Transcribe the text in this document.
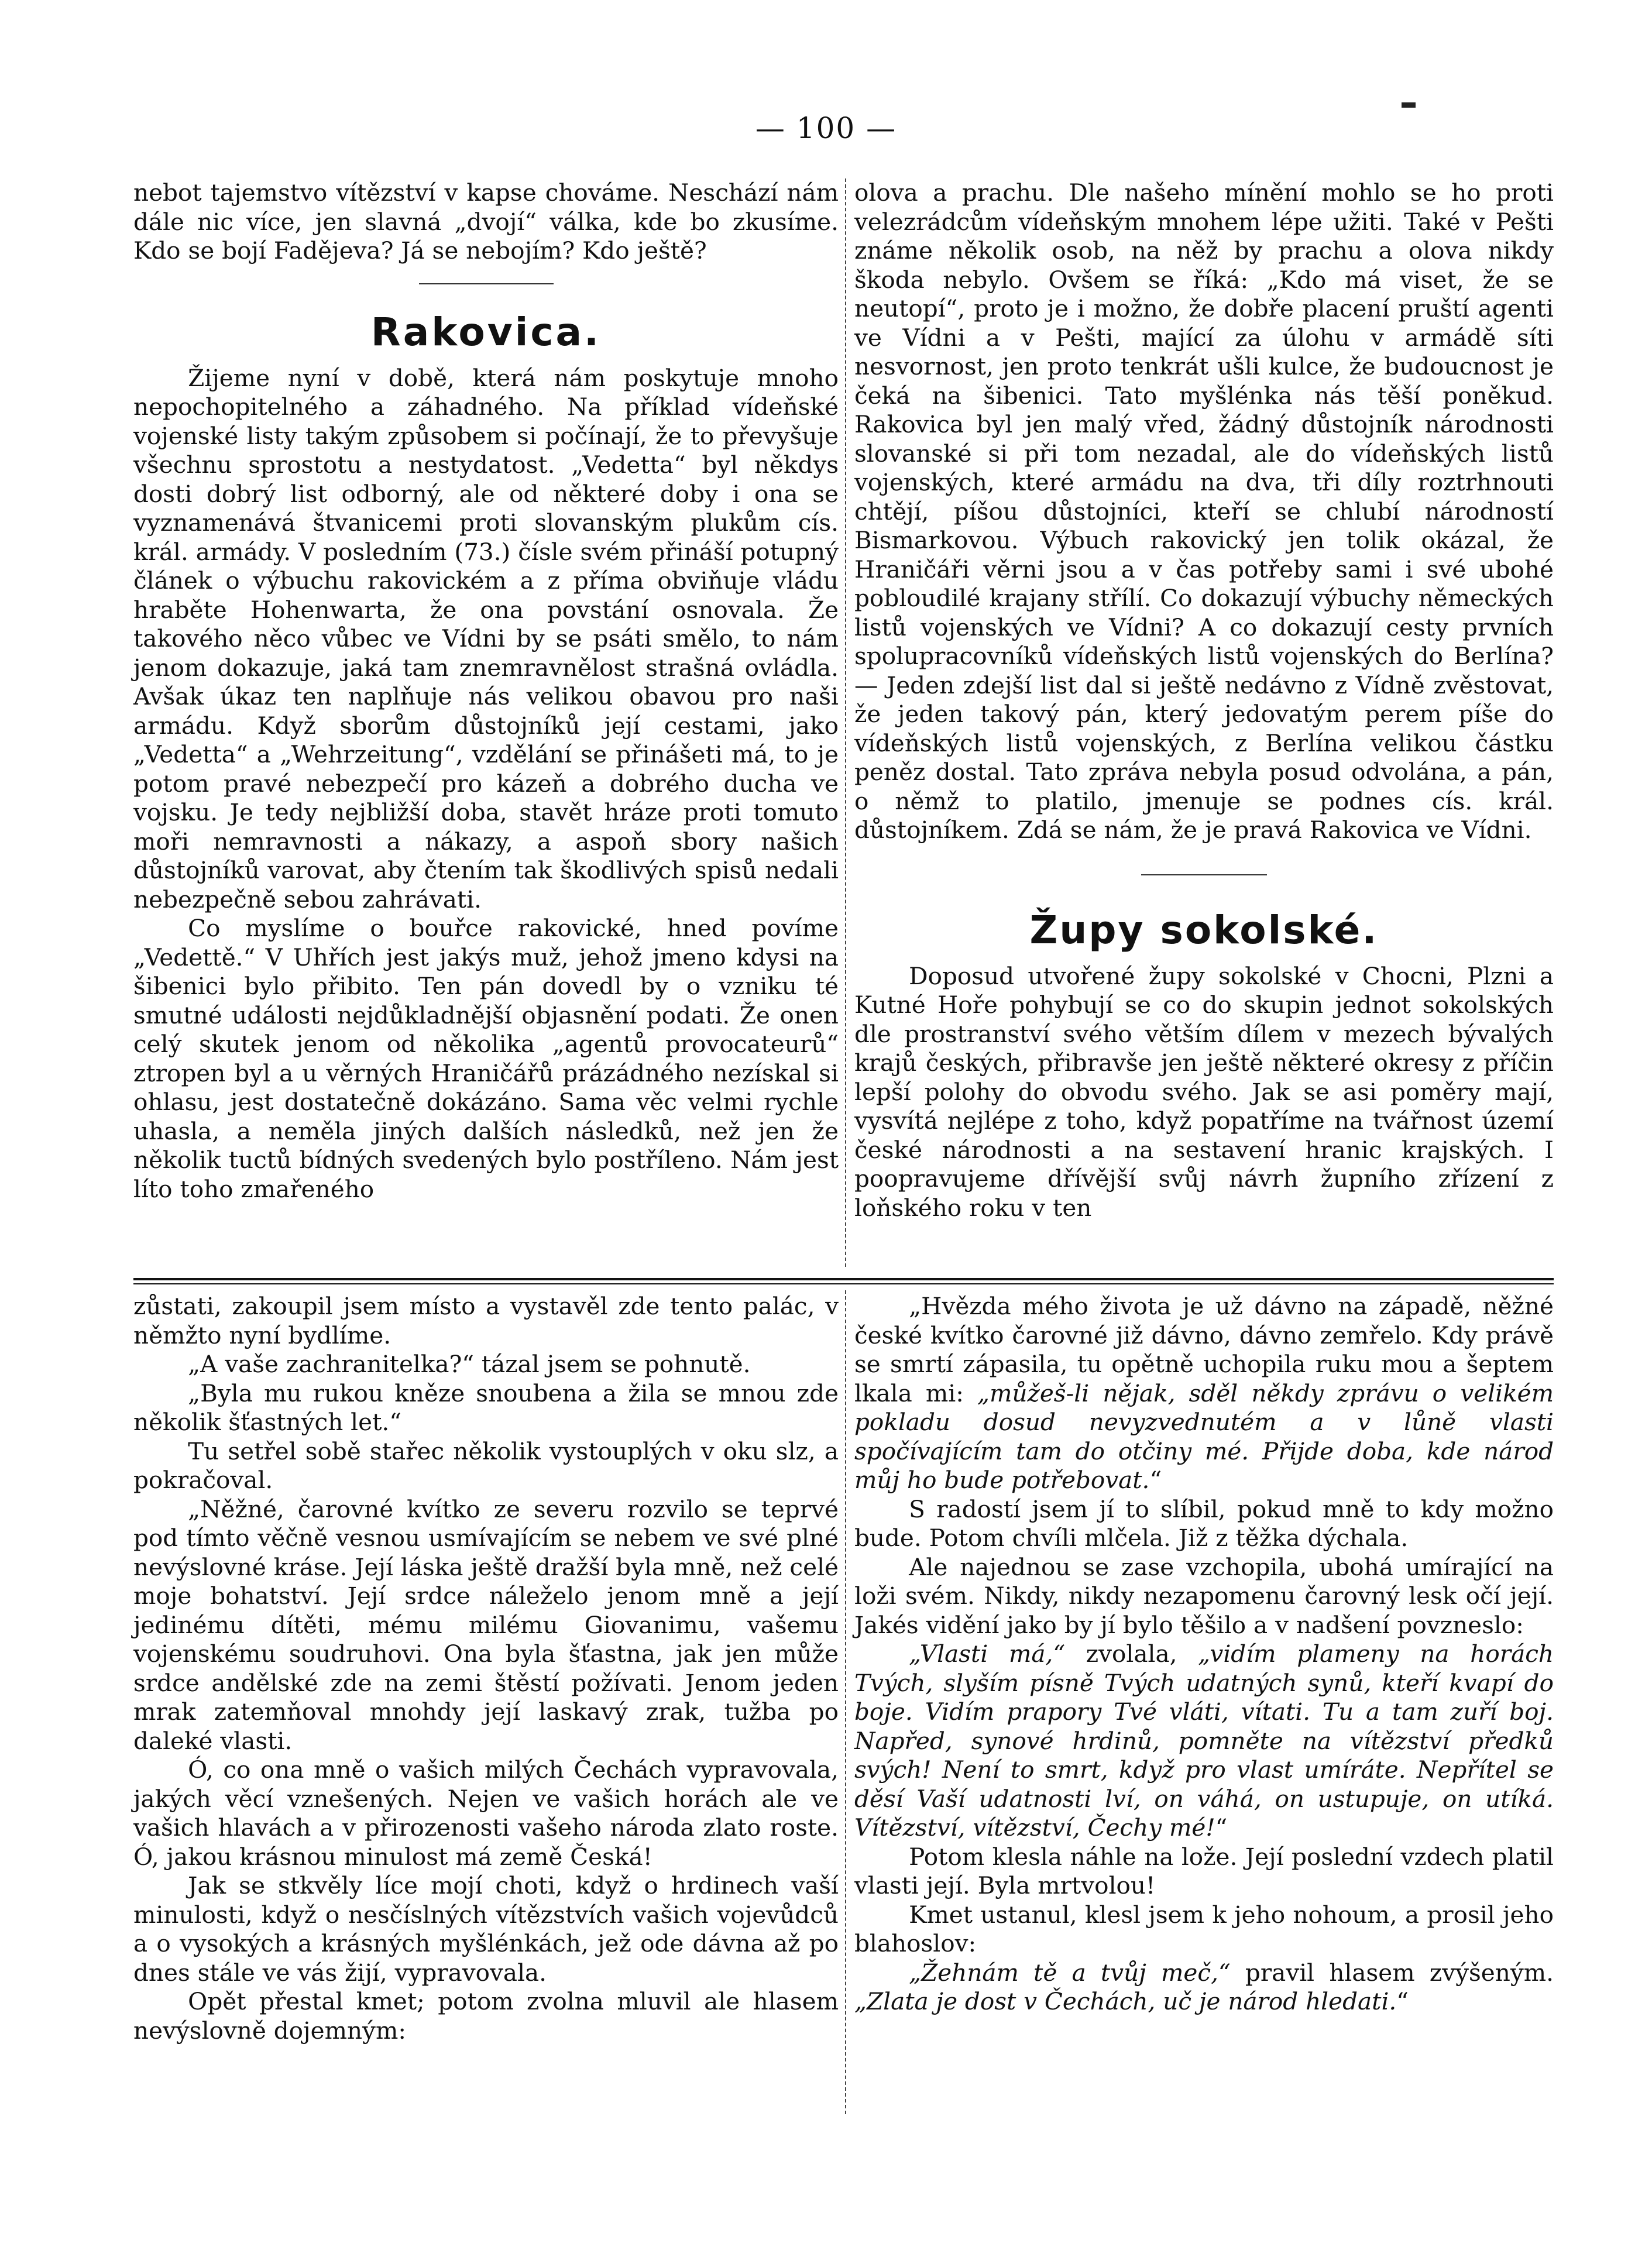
— 100 —

nebot tajemstvo vítězství v kapse chováme. Neschází nám dále nic více, jen slavná „dvojí“ válka, kde bo zkusíme. Kdo se bojí Fadějeva? Já se nebojím? Kdo ještě?

Rakovica.

Žijeme nyní v době, která nám poskytuje mnoho nepochopitelného a záhadného. Na příklad vídeňské vojenské listy takým způsobem si počínají, že to převyšuje všechnu sprostotu a nestydatost. „Vedetta“ byl někdys dosti dobrý list odborný, ale od některé doby i ona se vyznamenává štvanicemi proti slovanským plukům cís. král. armády. V posledním (73.) čísle svém přináší potupný článek o výbuchu rakovickém a z přímа obviňuje vládu hraběte Hohenwarta, že ona povstání osnovala. Že takového něco vůbec ve Vídni by se psáti smělo, to nám jenom dokazuje, jaká tam znemravnělost strašná ovládla. Avšak úkaz ten naplňuje nás velikou obavou pro naši armádu. Když sborům důstojníků její cestami, jako „Vedetta“ a „Wehrzeitung“, vzdělání se přinášeti má, to je potom pravé nebezpečí pro kázeň a dobrého ducha ve vojsku. Je tedy nejbližší doba, stavět hráze proti tomuto moři nemravnosti a nákazy, a aspoň sbory našich důstojníků varovat, aby čtením tak škodlivých spisů nedali nebezpečně sebou zahrávati.

Co myslíme o bouřce rakovické, hned povíme „Vedettě.“ V Uhřích jest jakýs muž, jehož jmeno kdysi na šibenici bylo přibito. Ten pán dovedl by o vzniku té smutné události nejdůkladnější objasnění podati. Že onen celý skutek jenom od několika „agentů provocateurů“ ztropen byl a u věrných Hraničářů prázádného nezískal si ohlasu, jest dostatečně dokázáno. Sama věc velmi rychle uhasla, a neměla jiných dalších následků, než jen že několik tuctů bídných svedených bylo postříleno. Nám jest líto toho zmařeného

olova a prachu. Dle našeho mínění mohlo se ho proti velezrádcům vídeňským mnohem lépe užiti. Také v Pešti známe několik osob, na něž by prachu a olova nikdy škoda nebylo. Ovšem se říká: „Kdo má viset, že se neutopí“, proto je i možno, že dobře placení pruští agenti ve Vídni a v Pešti, mající za úlohu v armádě síti nesvornost, jen proto tenkrát ušli kulce, že budoucnost je čeká na šibenici. Tato myšlénka nás těší poněkud. Rakovica byl jen malý vřed, žádný důstojník národnosti slovanské si při tom nezadal, ale do vídeňských listů vojenských, které armádu na dva, tři díly roztrhnouti chtějí, píšou důstojníci, kteří se chlubí národností Bismarkovou. Výbuch rakovický jen tolik okázal, že Hraničáři věrni jsou a v čas potřeby sami i své ubohé pobloudilé krajany střílí. Co dokazují výbuchy německých listů vojenských ve Vídni? A co dokazují cesty prvních spolupracovníků vídeňských listů vojenských do Berlína? — Jeden zdejší list dal si ještě nedávno z Vídně zvěstovat, že jeden takový pán, který jedovatým perem píše do vídeňských listů vojenských, z Berlína velikou částku peněz dostal. Tato zpráva nebyla posud odvolána, a pán, o němž to platilo, jmenuje se podnes cís. král. důstojníkem. Zdá se nám, že je pravá Rakovica ve Vídni.

Župy sokolské.

Doposud utvořené župy sokolské v Chocni, Plzni a Kutné Hoře pohybují se co do skupin jednot sokolských dle prostranství svého větším dílem v mezech bývalých krajů českých, přibravše jen ještě některé okresy z příčin lepší polohy do obvodu svého. Jak se asi poměry mají, vysvítá nejlépe z toho, když popatříme na tvářnost území české národnosti a na sestavení hranic krajských. I poopravujeme dřívější svůj návrh župního zřízení z loňského roku v ten

zůstati, zakoupil jsem místo a vystavěl zde tento palác, v němžto nyní bydlíme.

„A vaše zachranitelka?“ tázal jsem se pohnutě.

„Byla mu rukou kněze snoubena a žila se mnou zde několik šťastných let.“

Tu setřel sobě stařec několik vystouplých v oku slz, a pokračoval.

„Něžné, čarovné kvítko ze severu rozvilo se teprvé pod tímto věčně vesnou usmívajícím se nebem ve své plné nevýslovné kráse. Její láska ještě dražší byla mně, než celé moje bohatství. Její srdce náleželo jenom mně a její jedinému dítěti, mému milému Giovanimu, vašemu vojenskému soudruhovi. Ona byla šťastna, jak jen může srdce andělské zde na zemi štěstí požívati. Jenom jeden mrak zatemňoval mnohdy její laskavý zrak, tužba po daleké vlasti.

Ó, co ona mně o vašich milých Čechách vypravovala, jakých věcí vznešených. Nejen ve vašich horách ale ve vašich hlavách a v přirozenosti vašeho národa zlato roste. Ó, jakou krásnou minulost má země Česká!

Jak se stkvěly líce mojí choti, když o hrdinech vaší minulosti, když o nesčíslných vítězstvích vašich vojevůdců a o vysokých a krásných myšlénkách, jež ode dávna až po dnes stále ve vás žijí, vypravovala.

Opět přestal kmet; potom zvolna mluvil ale hlasem nevýslovně dojemným:

„Hvězda mého života je už dávno na západě, něžné české kvítko čarovné již dávno, dávno zemřelo. Kdy právě se smrtí zápasila, tu opětně uchopila ruku mou a šeptem lkala mi: „můžeš-li nějak, sděl někdy zprávu o velikém pokladu dosud nevyzvednutém a v lůně vlasti spočívajícím tam do otčiny mé. Přijde doba, kde národ můj ho bude potřebovat.“

S radostí jsem jí to slíbil, pokud mně to kdy možno bude. Potom chvíli mlčela. Již z těžka dýchala.

Ale najednou se zase vzchopila, ubohá umírající na loži svém. Nikdy, nikdy nezapomenu čarovný lesk očí její. Jakés vidění jako by jí bylo těšilo a v nadšení povzneslo:

„Vlasti má,“ zvolala, „vidím plameny na horách Tvých, slyším písně Tvých udatných synů, kteří kvapí do boje. Vidím prapory Tvé vláti, vítati. Tu a tam zuří boj. Napřed, synové hrdinů, pomněte na vítězství předků svých! Není to smrt, když pro vlast umíráte. Nepřítel se děsí Vaší udatnosti lví, on váhá, on ustupuje, on utíká. Vítězství, vítězství, Čechy mé!“

Potom klesla náhle na lože. Její poslední vzdech platil vlasti její. Byla mrtvolou!

Kmet ustanul, klesl jsem k jeho nohoum, a prosil jeho blahoslov:

„Žehnám tě a tvůj meč,“ pravil hlasem zvýšeným. „Zlata je dost v Čechách, uč je národ hledati.“
